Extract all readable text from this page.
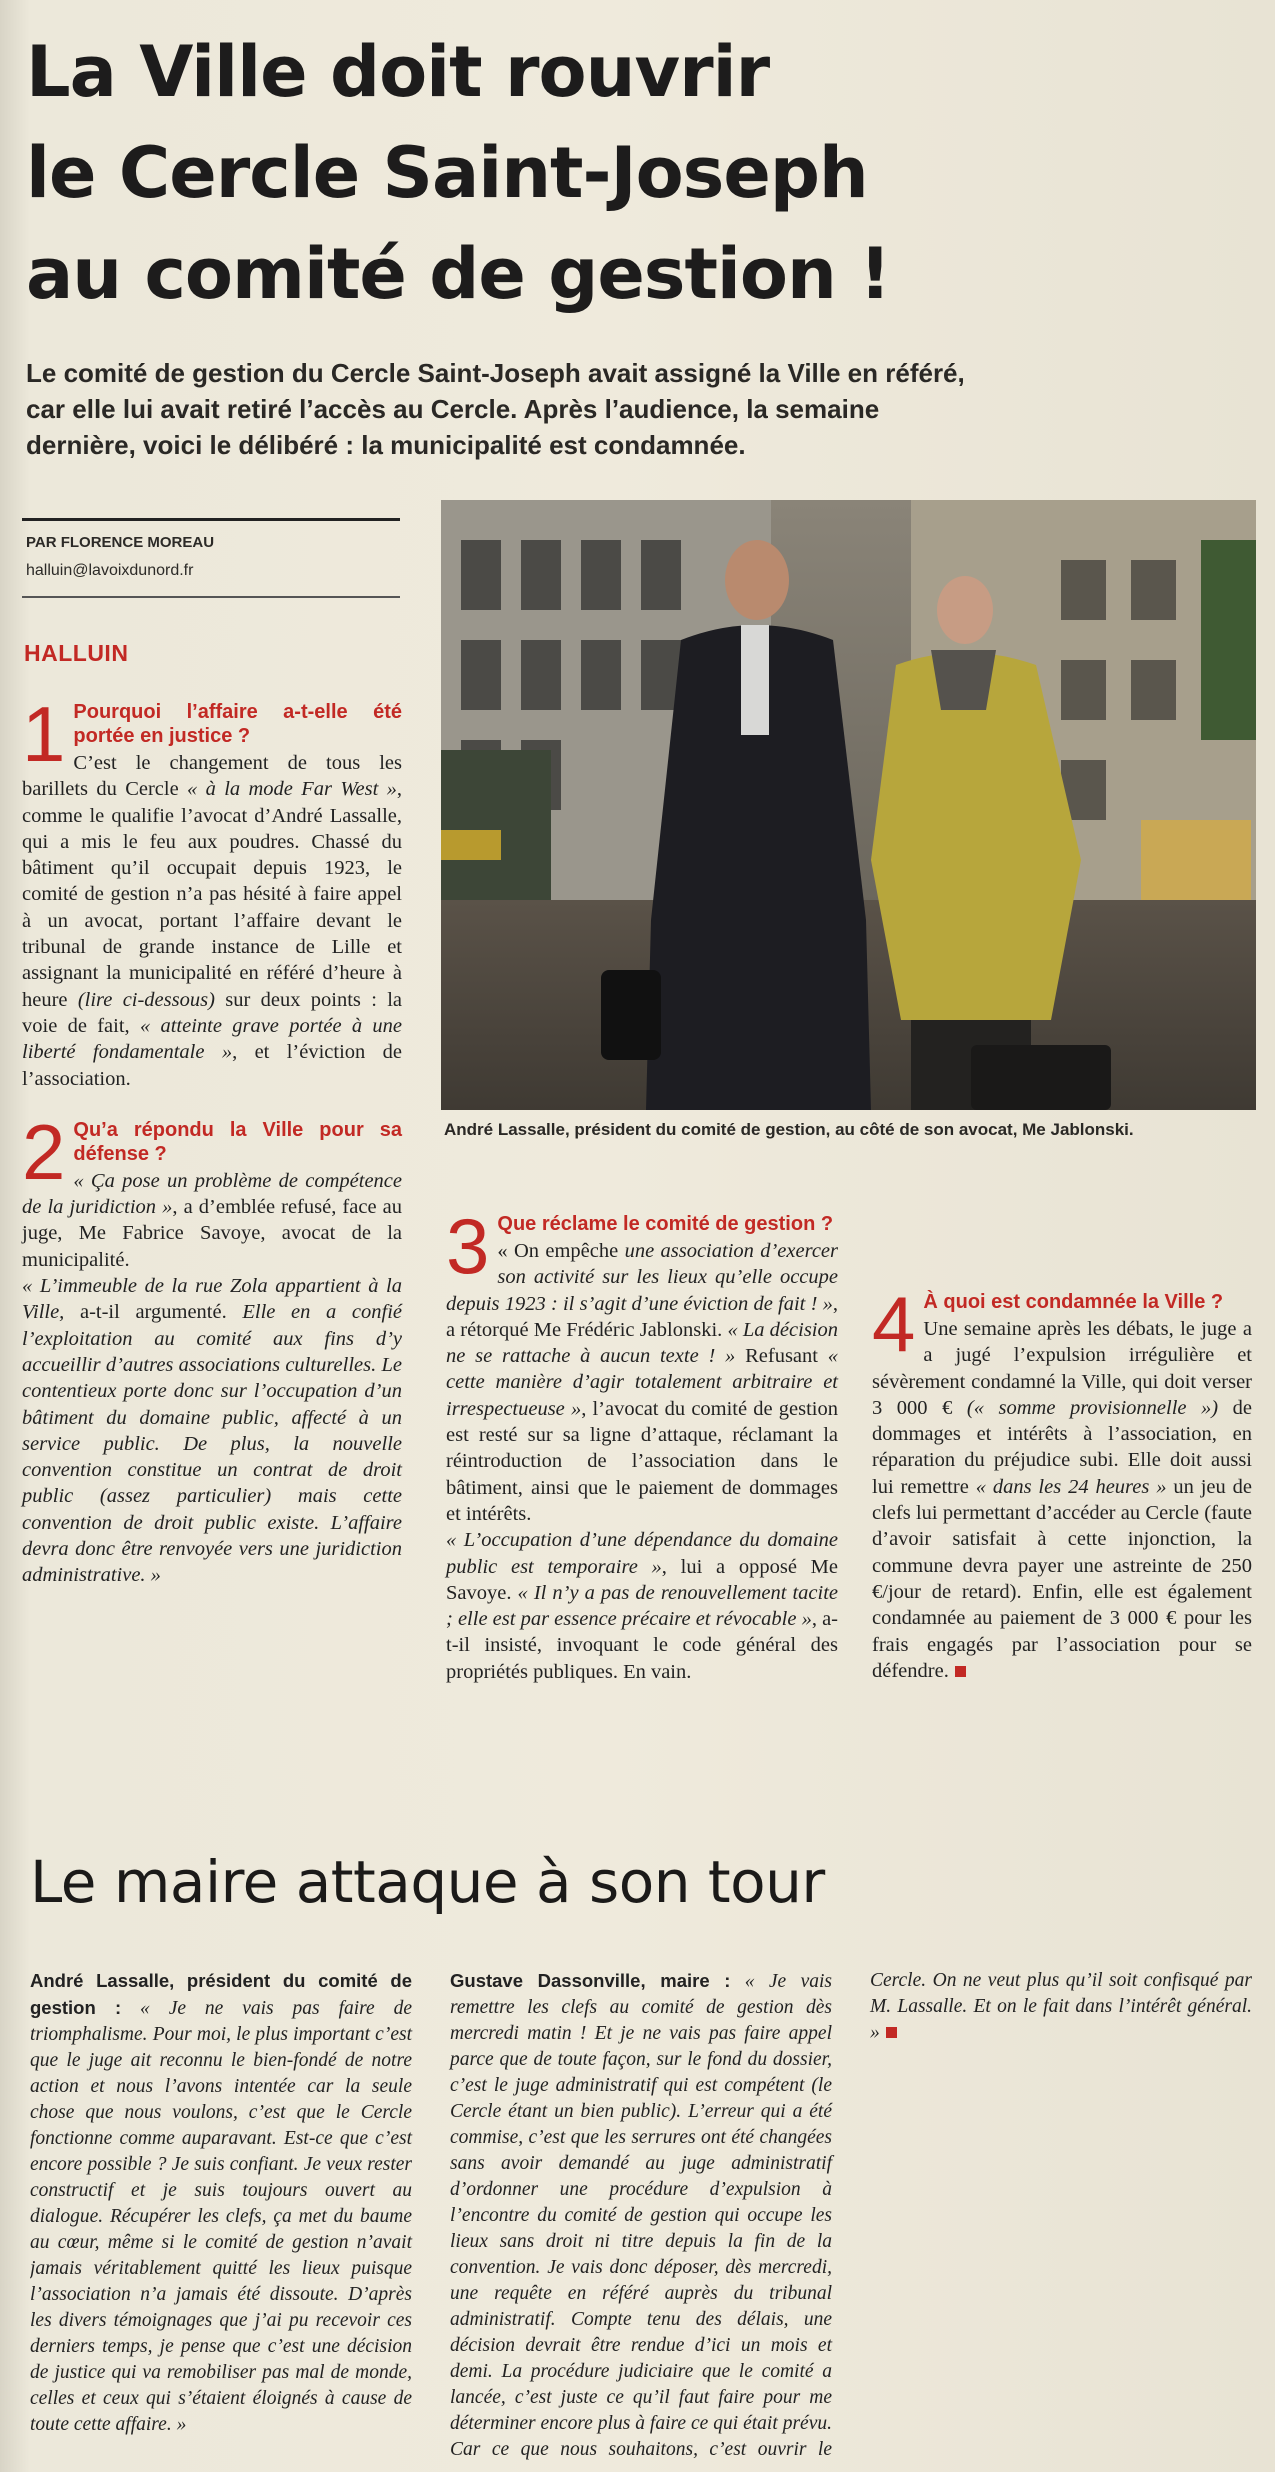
La Ville doit rouvrir
le Cercle Saint-Joseph
au comité de gestion !
Le comité de gestion du Cercle Saint-Joseph avait assigné la Ville en référé,
car elle lui avait retiré l’accès au Cercle. Après l’audience, la semaine
dernière, voici le délibéré : la municipalité est condamnée.
PAR FLORENCE MOREAU
halluin@lavoixdunord.fr
HALLUIN
André Lassalle, président du comité de gestion, au côté de son avocat, Me Jablonski.

1 Pourquoi l’affaire a-t-elle été portée en justice ?
C’est le changement de tous les barillets du Cercle « à la mode Far West », comme le qualifie l’avocat d’André Lassalle, qui a mis le feu aux poudres. Chassé du bâtiment qu’il occupait depuis 1923, le comité de gestion n’a pas hésité à faire appel à un avocat, portant l’affaire devant le tribunal de grande instance de Lille et assignant la municipalité en référé d’heure à heure (lire ci-dessous) sur deux points : la voie de fait, « atteinte grave portée à une liberté fondamentale », et l’éviction de l’association.

2 Qu’a répondu la Ville pour sa défense ?
« Ça pose un problème de compétence de la juridiction », a d’emblée refusé, face au juge, Me Fabrice Savoye, avocat de la municipalité.

« L’immeuble de la rue Zola appartient à la Ville, a-t-il argumenté. Elle en a confié l’exploitation au comité aux fins d’y accueillir d’autres associations culturelles. Le contentieux porte donc sur l’occupation d’un bâtiment du domaine public, affecté à un service public. De plus, la nouvelle convention constitue un contrat de droit public (assez particulier) mais cette convention de droit public existe. L’affaire devra donc être renvoyée vers une juridiction administrative. »

3 Que réclame le comité de gestion ?
« On empêche une association d’exercer son activité sur les lieux qu’elle occupe depuis 1923 : il s’agit d’une éviction de fait ! », a rétorqué Me Frédéric Jablonski. « La décision ne se rattache à aucun texte ! » Refusant « cette manière d’agir totalement arbitraire et irrespectueuse », l’avocat du comité de gestion est resté sur sa ligne d’attaque, réclamant la réintroduction de l’association dans le bâtiment, ainsi que le paiement de dommages et intérêts.

« L’occupation d’une dépendance du domaine public est temporaire », lui a opposé Me Savoye. « Il n’y a pas de renouvellement tacite ; elle est par essence précaire et révocable », a-t-il insisté, invoquant le code général des propriétés publiques. En vain.

4 À quoi est condamnée la Ville ?
Une semaine après les débats, le juge a a jugé l’expulsion irrégulière et sévèrement condamné la Ville, qui doit verser 3 000 € (« somme provisionnelle ») de dommages et intérêts à l’association, en réparation du préjudice subi. Elle doit aussi lui remettre « dans les 24 heures » un jeu de clefs lui permettant d’accéder au Cercle (faute d’avoir satisfait à cette injonction, la commune devra payer une astreinte de 250 €/jour de retard). Enfin, elle est également condamnée au paiement de 3 000 € pour les frais engagés par l’association pour se défendre.

Le maire attaque à son tour

André Lassalle, président du comité de gestion : « Je ne vais pas faire de triomphalisme. Pour moi, le plus important c’est que le juge ait reconnu le bien-fondé de notre action et nous l’avons intentée car la seule chose que nous voulons, c’est que le Cercle fonctionne comme auparavant. Est-ce que c’est encore possible ? Je suis confiant. Je veux rester constructif et je suis toujours ouvert au dialogue. Récupérer les clefs, ça met du baume au cœur, même si le comité de gestion n’avait jamais véritablement quitté les lieux puisque l’association n’a jamais été dissoute. D’après les divers témoignages que j’ai pu recevoir ces derniers temps, je pense que c’est une décision de justice qui va remobiliser pas mal de monde, celles et ceux qui s’étaient éloignés à cause de toute cette affaire. »

Gustave Dassonville, maire : « Je vais remettre les clefs au comité de gestion dès mercredi matin ! Et je ne vais pas faire appel parce que de toute façon, sur le fond du dossier, c’est le juge administratif qui est compétent (le Cercle étant un bien public). L’erreur qui a été commise, c’est que les serrures ont été changées sans avoir demandé au juge administratif d’ordonner une procédure d’expulsion à l’encontre du comité de gestion qui occupe les lieux sans droit ni titre depuis la fin de la convention. Je vais donc déposer, dès mercredi, une requête en référé auprès du tribunal administratif. Compte tenu des délais, une décision devrait être rendue d’ici un mois et demi. La procédure judiciaire que le comité a lancée, c’est juste ce qu’il faut faire pour me déterminer encore plus à faire ce qui était prévu. Car ce que nous souhaitons, c’est ouvrir le Cercle. On ne veut plus qu’il soit confisqué par M. Lassalle. Et on le fait dans l’intérêt général. »
